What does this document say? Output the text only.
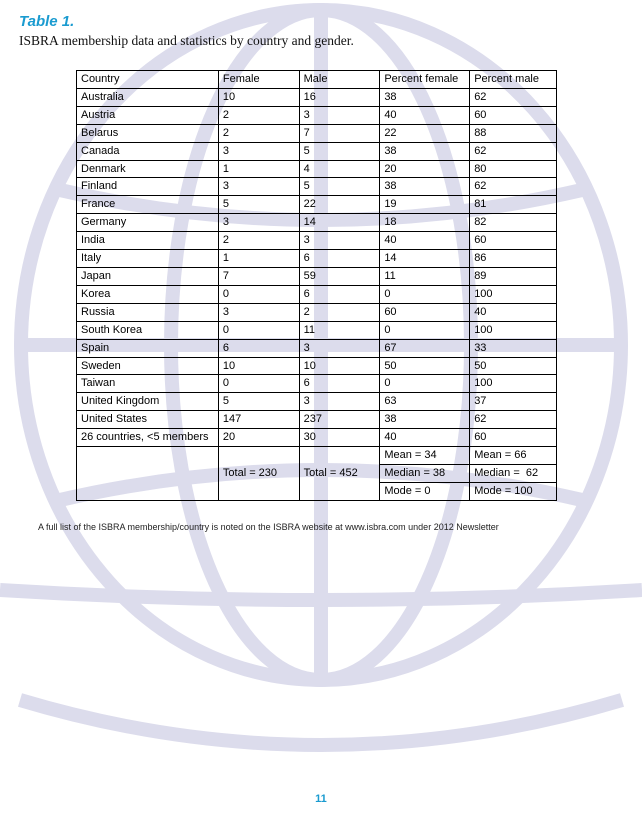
Table 1.

ISBRA membership data and statistics by country and gender.

Country	Female	Male	Percent female	Percent male
Australia	10	16	38	62
Austria	2	3	40	60
Belarus	2	7	22	88
Canada	3	5	38	62
Denmark	1	4	20	80
Finland	3	5	38	62
France	5	22	19	81
Germany	3	14	18	82
India	2	3	40	60
Italy	1	6	14	86
Japan	7	59	11	89
Korea	0	6	0	100
Russia	3	2	60	40
South Korea	0	11	0	100
Spain	6	3	67	33
Sweden	10	10	50	50
Taiwan	0	6	0	100
United Kingdom	5	3	63	37
United States	147	237	38	62
26 countries, <5 members	20	30	40	60
	Total = 230	Total = 452	Mean = 34	Mean = 66
			Median = 38	Median =  62
			Mode = 0	Mode = 100

A full list of the ISBRA membership/country is noted on the ISBRA website at www.isbra.com under 2012 Newsletter

11
